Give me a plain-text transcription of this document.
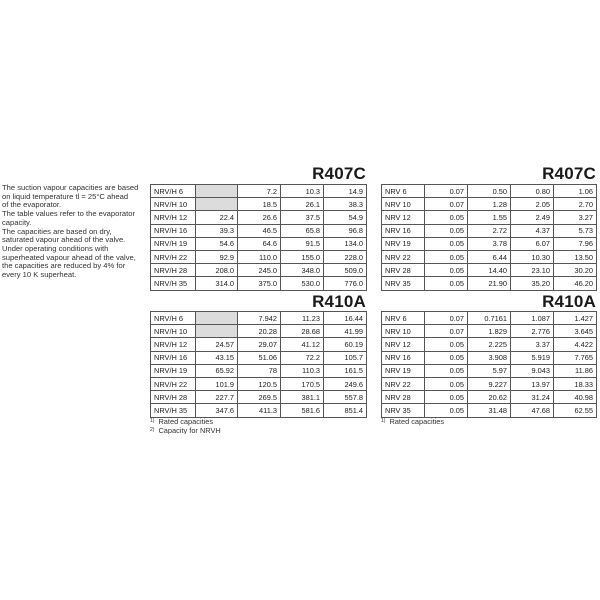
The suction vapour capacities are based

on liquid temperature tl = 25°C ahead

of the evaporator.

The table values refer to the evaporator

capacity.

The capacities are based on dry,

saturated vapour ahead of the valve.

Under operating conditions with

superheated vapour ahead of the valve,

the capacities are reduced by 4% for

every 10 K superheat.

R407C	R407C
R410A	R410A
NRV/H 6		7.2	10.3	14.9
NRV/H 10		18.5	26.1	38.3
NRV/H 12	22.4	26.6	37.5	54.9
NRV/H 16	39.3	46.5	65.8	96.8
NRV/H 19	54.6	64.6	91.5	134.0
NRV/H 22	92.9	110.0	155.0	228.0
NRV/H 28	208.0	245.0	348.0	509.0
NRV/H 35	314.0	375.0	530.0	776.0
NRV 6	0.07	0.50	0.80	1.06
NRV 10	0.07	1.28	2.05	2.70
NRV 12	0.05	1.55	2.49	3.27
NRV 16	0.05	2.72	4.37	5.73
NRV 19	0.05	3.78	6.07	7.96
NRV 22	0.05	6.44	10.30	13.50
NRV 28	0.05	14.40	23.10	30.20
NRV 35	0.05	21.90	35.20	46.20
NRV/H 6		7.942	11.23	16.44
NRV/H 10		20.28	28.68	41.99
NRV/H 12	24.57	29.07	41.12	60.19
NRV/H 16	43.15	51.06	72.2	105.7
NRV/H 19	65.92	78	110.3	161.5
NRV/H 22	101.9	120.5	170.5	249.6
NRV/H 28	227.7	269.5	381.1	557.8
NRV/H 35	347.6	411.3	581.6	851.4
NRV 6	0.07	0.7161	1.087	1.427
NRV 10	0.07	1.829	2.776	3.645
NRV 12	0.05	2.225	3.37	4.422
NRV 16	0.05	3.908	5.919	7.765
NRV 19	0.05	5.97	9.043	11.86
NRV 22	0.05	9.227	13.97	18.33
NRV 28	0.05	20.62	31.24	40.98
NRV 35	0.05	31.48	47.68	62.55
$^{1)}$ Rated capacities
$^{2)}$ Capacity for NRVH
$^{1)}$ Rated capacities
